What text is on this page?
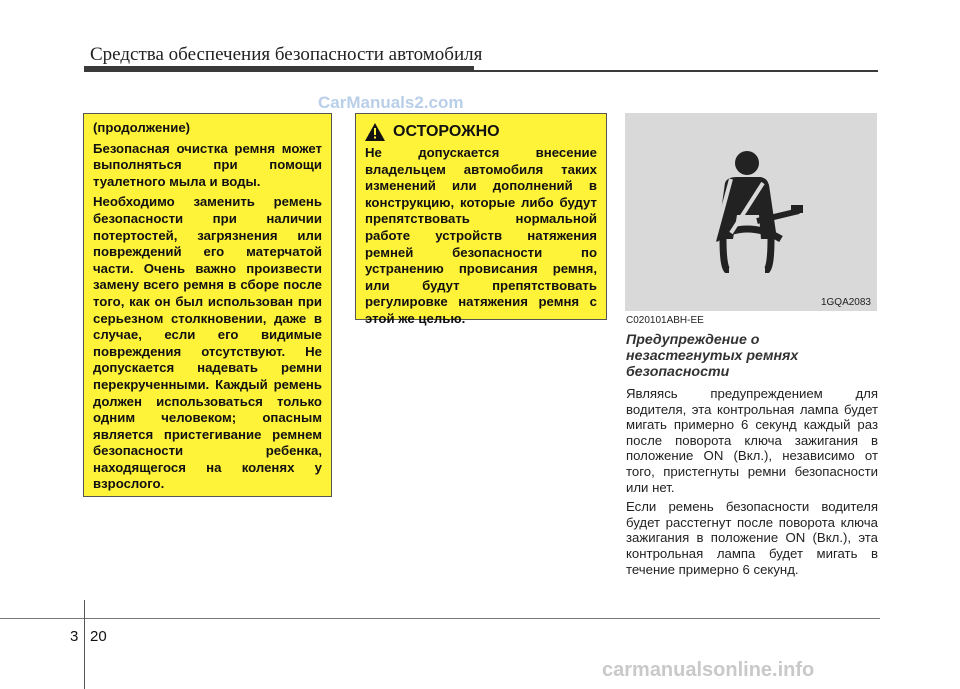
Средства обеспечения безопасности автомобиля
CarManuals2.com
(продолжение)

Безопасная очистка ремня может выполняться при помощи туалетного мыла и воды.

Необходимо заменить ремень безопасности при наличии потертостей, загрязнения или повреждений его матерчатой части. Очень важно произвести замену всего ремня в сборе после того, как он был использован при серьезном столкновении, даже в случае, если его видимые повреждения отсутствуют. Не допускается надевать ремни перекрученными. Каждый ремень должен использоваться только одним человеком; опасным является пристегивание ремнем безопасности ребенка, находящегося на коленях у взрослого.

ОСТОРОЖНО

Не допускается внесение владельцем автомобиля таких изменений или дополнений в конструкцию, которые либо будут препятствовать нормальной работе устройств натяжения ремней безопасности по устранению провисания ремня, или будут препятствовать регулировке натяжения ремня с этой же целью.

1GQA2083
C020101ABH-EE
Предупреждение о незастегнутых ремнях безопасности

Являясь предупреждением для водителя, эта контрольная лампа будет мигать примерно 6 секунд каждый раз после поворота ключа зажигания в положение ON (Вкл.), независимо от того, пристегнуты ремни безопасности или нет.

Если ремень безопасности водителя будет расстегнут после поворота ключа зажигания в положение ON (Вкл.), эта контрольная лампа будет мигать в течение примерно 6 секунд.

3 20
carmanualsonline.info
